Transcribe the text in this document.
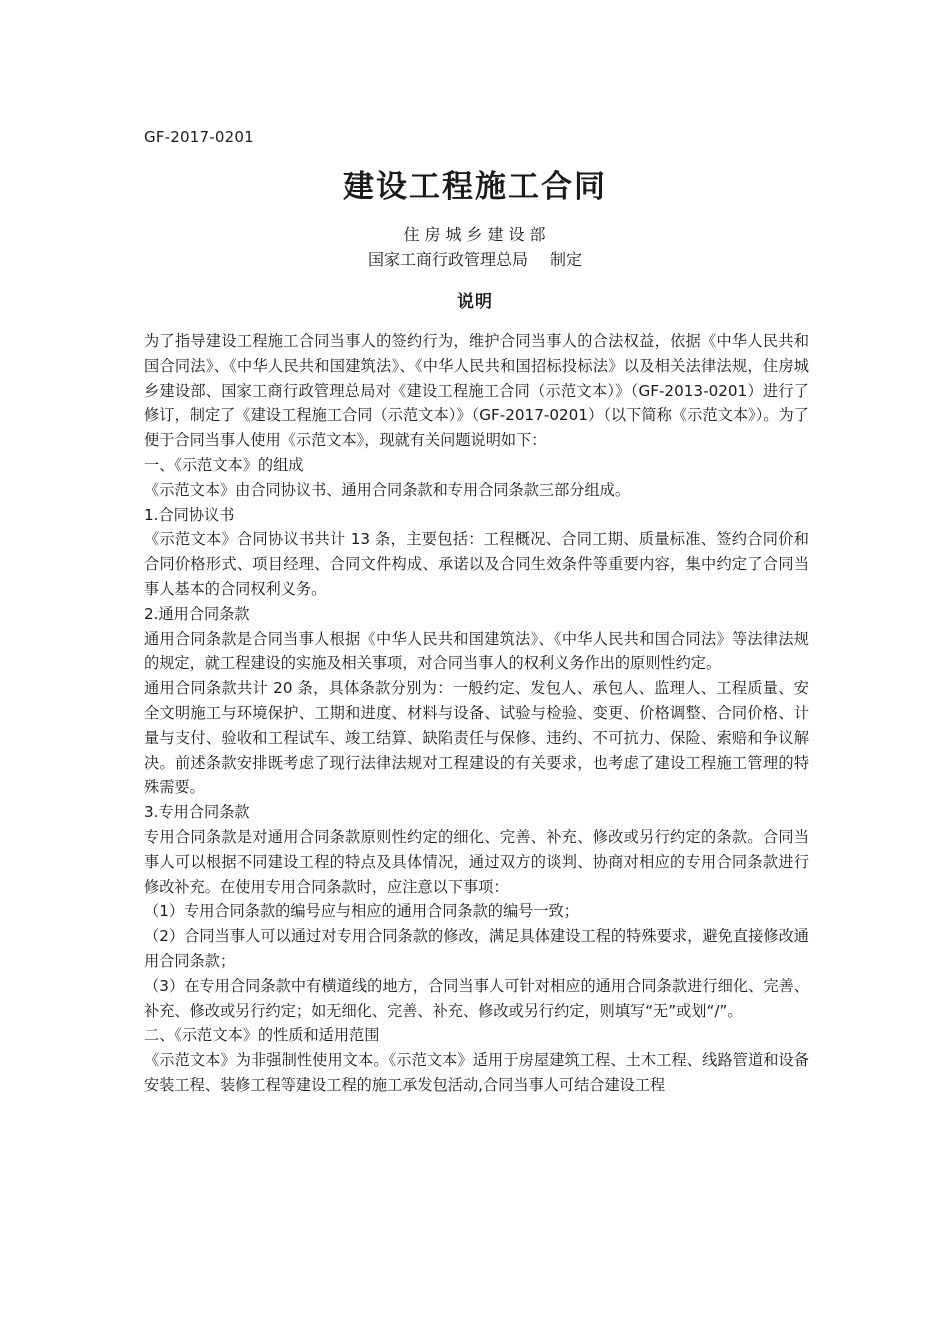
GF-2017-0201
建设工程施工合同
住房城乡建设部
国家工商行政管理总局 制定
说明

为了指导建设工程施工合同当事人的签约行为，维护合同当事人的合法权益，依据《中华人民共和国合同法》、《中华人民共和国建筑法》、《中华人民共和国招标投标法》以及相关法律法规，住房城乡建设部、国家工商行政管理总局对《建设工程施工合同（示范文本）》（GF-2013-0201）进行了修订，制定了《建设工程施工合同（示范文本）》（GF-2017-0201）（以下简称《示范文本》）。为了便于合同当事人使用《示范文本》，现就有关问题说明如下：

一、《示范文本》的组成

《示范文本》由合同协议书、通用合同条款和专用合同条款三部分组成。

1.合同协议书

《示范文本》合同协议书共计 13 条，主要包括：工程概况、合同工期、质量标准、签约合同价和合同价格形式、项目经理、合同文件构成、承诺以及合同生效条件等重要内容，集中约定了合同当事人基本的合同权利义务。

2.通用合同条款

通用合同条款是合同当事人根据《中华人民共和国建筑法》、《中华人民共和国合同法》等法律法规的规定，就工程建设的实施及相关事项，对合同当事人的权利义务作出的原则性约定。

通用合同条款共计 20 条，具体条款分别为：一般约定、发包人、承包人、监理人、工程质量、安全文明施工与环境保护、工期和进度、材料与设备、试验与检验、变更、价格调整、合同价格、计量与支付、验收和工程试车、竣工结算、缺陷责任与保修、违约、不可抗力、保险、索赔和争议解决。前述条款安排既考虑了现行法律法规对工程建设的有关要求，也考虑了建设工程施工管理的特殊需要。

3.专用合同条款

专用合同条款是对通用合同条款原则性约定的细化、完善、补充、修改或另行约定的条款。合同当事人可以根据不同建设工程的特点及具体情况，通过双方的谈判、协商对相应的专用合同条款进行修改补充。在使用专用合同条款时，应注意以下事项：

（1）专用合同条款的编号应与相应的通用合同条款的编号一致；

（2）合同当事人可以通过对专用合同条款的修改，满足具体建设工程的特殊要求，避免直接修改通用合同条款；

（3）在专用合同条款中有横道线的地方，合同当事人可针对相应的通用合同条款进行细化、完善、补充、修改或另行约定；如无细化、完善、补充、修改或另行约定，则填写“无”或划“/”。

二、《示范文本》的性质和适用范围

《示范文本》为非强制性使用文本。《示范文本》适用于房屋建筑工程、土木工程、线路管道和设备安装工程、装修工程等建设工程的施工承发包活动,合同当事人可结合建设工程
